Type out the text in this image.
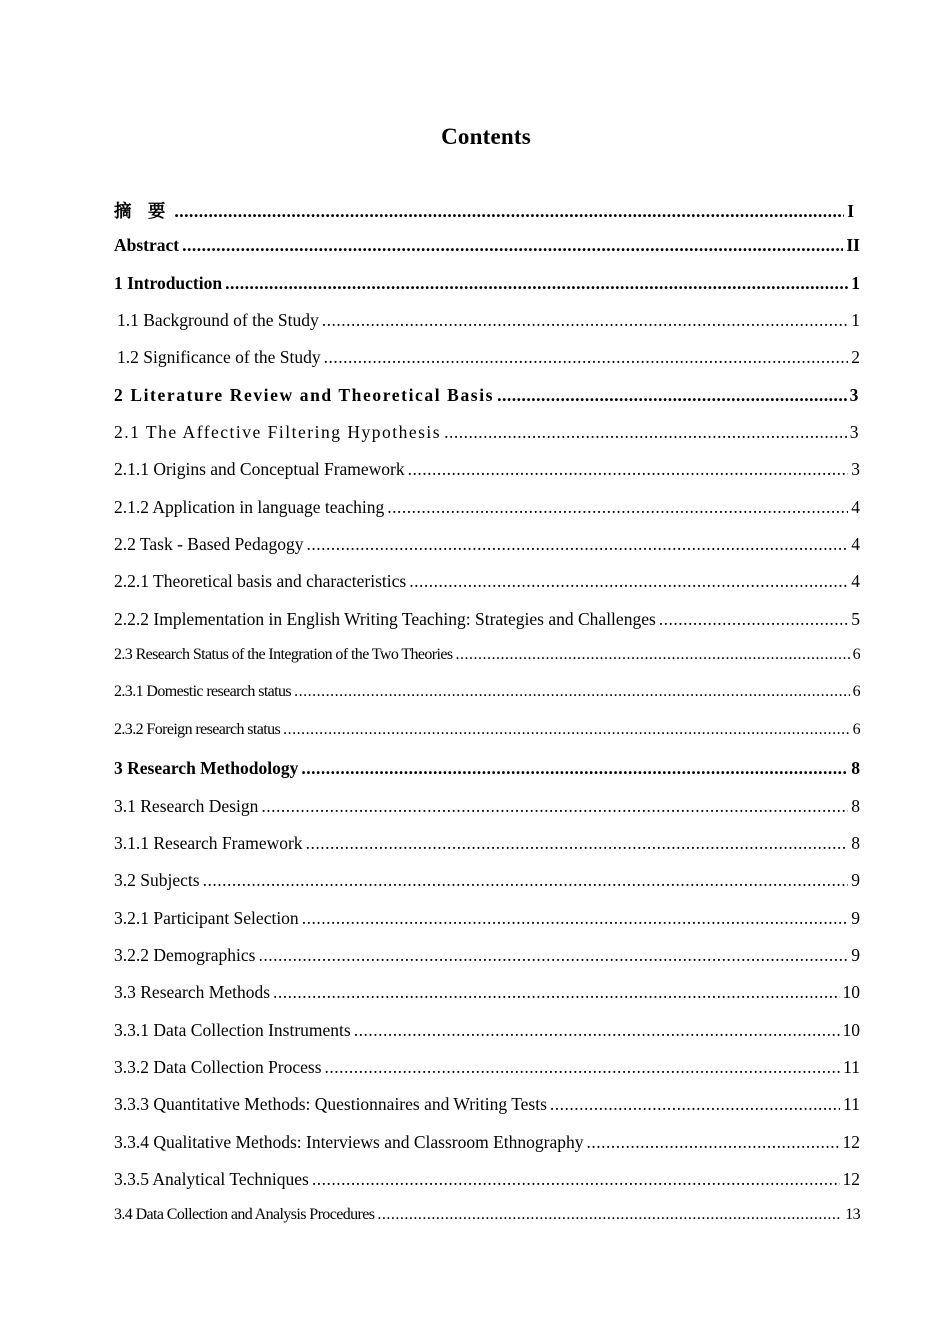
Contents
摘 要 .....	I
Abstract .....	II
1 Introduction .....	1
1.1 Background of the Study .....	1
1.2 Significance of the Study .....	2
2 Literature Review and Theoretical Basis .....	3
2.1 The Affective Filtering Hypothesis .....	3
2.1.1 Origins and Conceptual Framework .....	3
2.1.2 Application in language teaching .....	4
2.2 Task - Based Pedagogy .....	4
2.2.1 Theoretical basis and characteristics .....	4
2.2.2 Implementation in English Writing Teaching: Strategies and Challenges .....	5
2.3 Research Status of the Integration of the Two Theories .....	6
2.3.1 Domestic research status .....	6
2.3.2 Foreign research status .....	6
3 Research Methodology .....	8
3.1 Research Design .....	8
3.1.1 Research Framework .....	8
3.2 Subjects .....	9
3.2.1 Participant Selection .....	9
3.2.2 Demographics .....	9
3.3 Research Methods .....	10
3.3.1 Data Collection Instruments .....	10
3.3.2 Data Collection Process .....	11
3.3.3 Quantitative Methods: Questionnaires and Writing Tests .....	11
3.3.4 Qualitative Methods: Interviews and Classroom Ethnography .....	12
3.3.5 Analytical Techniques .....	12
3.4 Data Collection and Analysis Procedures .....	13
